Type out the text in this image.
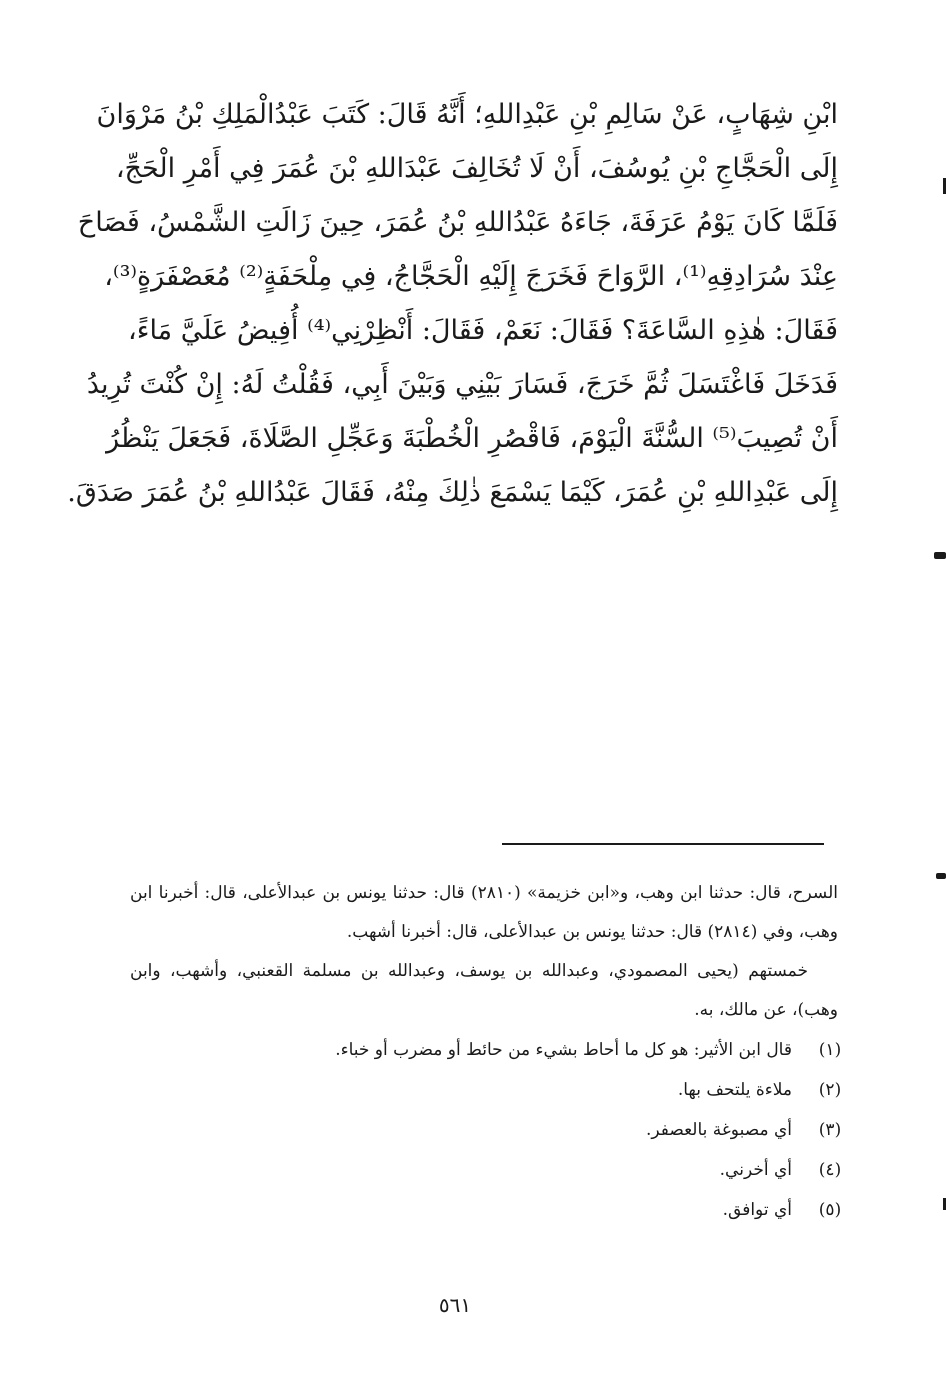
ابْنِ شِهَابٍ، عَنْ سَالِمِ بْنِ عَبْدِاللهِ؛ أَنَّهُ قَالَ: كَتَبَ عَبْدُالْمَلِكِ بْنُ مَرْوَانَ
إِلَى الْحَجَّاجِ بْنِ يُوسُفَ، أَنْ لَا تُخَالِفَ عَبْدَاللهِ بْنَ عُمَرَ فِي أَمْرِ الْحَجِّ،
فَلَمَّا كَانَ يَوْمُ عَرَفَةَ، جَاءَهُ عَبْدُاللهِ بْنُ عُمَرَ، حِينَ زَالَتِ الشَّمْسُ، فَصَاحَ
عِنْدَ سُرَادِقِهِ⁽¹⁾، الرَّوَاحَ فَخَرَجَ إِلَيْهِ الْحَجَّاجُ، فِي مِلْحَفَةٍ⁽²⁾ مُعَصْفَرَةٍ⁽³⁾،
فَقَالَ: هٰذِهِ السَّاعَةَ؟ فَقَالَ: نَعَمْ، فَقَالَ: أَنْظِرْنِي⁽⁴⁾ أُفِيضُ عَلَيَّ مَاءً،
فَدَخَلَ فَاغْتَسَلَ ثُمَّ خَرَجَ، فَسَارَ بَيْنِي وَبَيْنَ أَبِي، فَقُلْتُ لَهُ: إِنْ كُنْتَ تُرِيدُ
أَنْ تُصِيبَ⁽⁵⁾ السُّنَّةَ الْيَوْمَ، فَاقْصُرِ الْخُطْبَةَ وَعَجِّلِ الصَّلَاةَ، فَجَعَلَ يَنْظُرُ
إِلَى عَبْدِاللهِ بْنِ عُمَرَ، كَيْمَا يَسْمَعَ ذٰلِكَ مِنْهُ، فَقَالَ عَبْدُاللهِ بْنُ عُمَرَ صَدَقَ.

السرح، قال: حدثنا ابن وهب، و«ابن خزيمة» (٢٨١٠) قال: حدثنا يونس بن عبدالأعلى، قال: أخبرنا ابن وهب، وفي (٢٨١٤) قال: حدثنا يونس بن عبدالأعلى، قال: أخبرنا أشهب.

خمستهم (يحيى المصمودي، وعبدالله بن يوسف، وعبدالله بن مسلمة القعنبي، وأشهب، وابن وهب)، عن مالك، به.

(١)
قال ابن الأثير: هو كل ما أحاط بشيء من حائط أو مضرب أو خباء.
(٢)
ملاءة يلتحف بها.
(٣)
أي مصبوغة بالعصفر.
(٤)
أي أخرني.
(٥)
أي توافق.
٥٦١
